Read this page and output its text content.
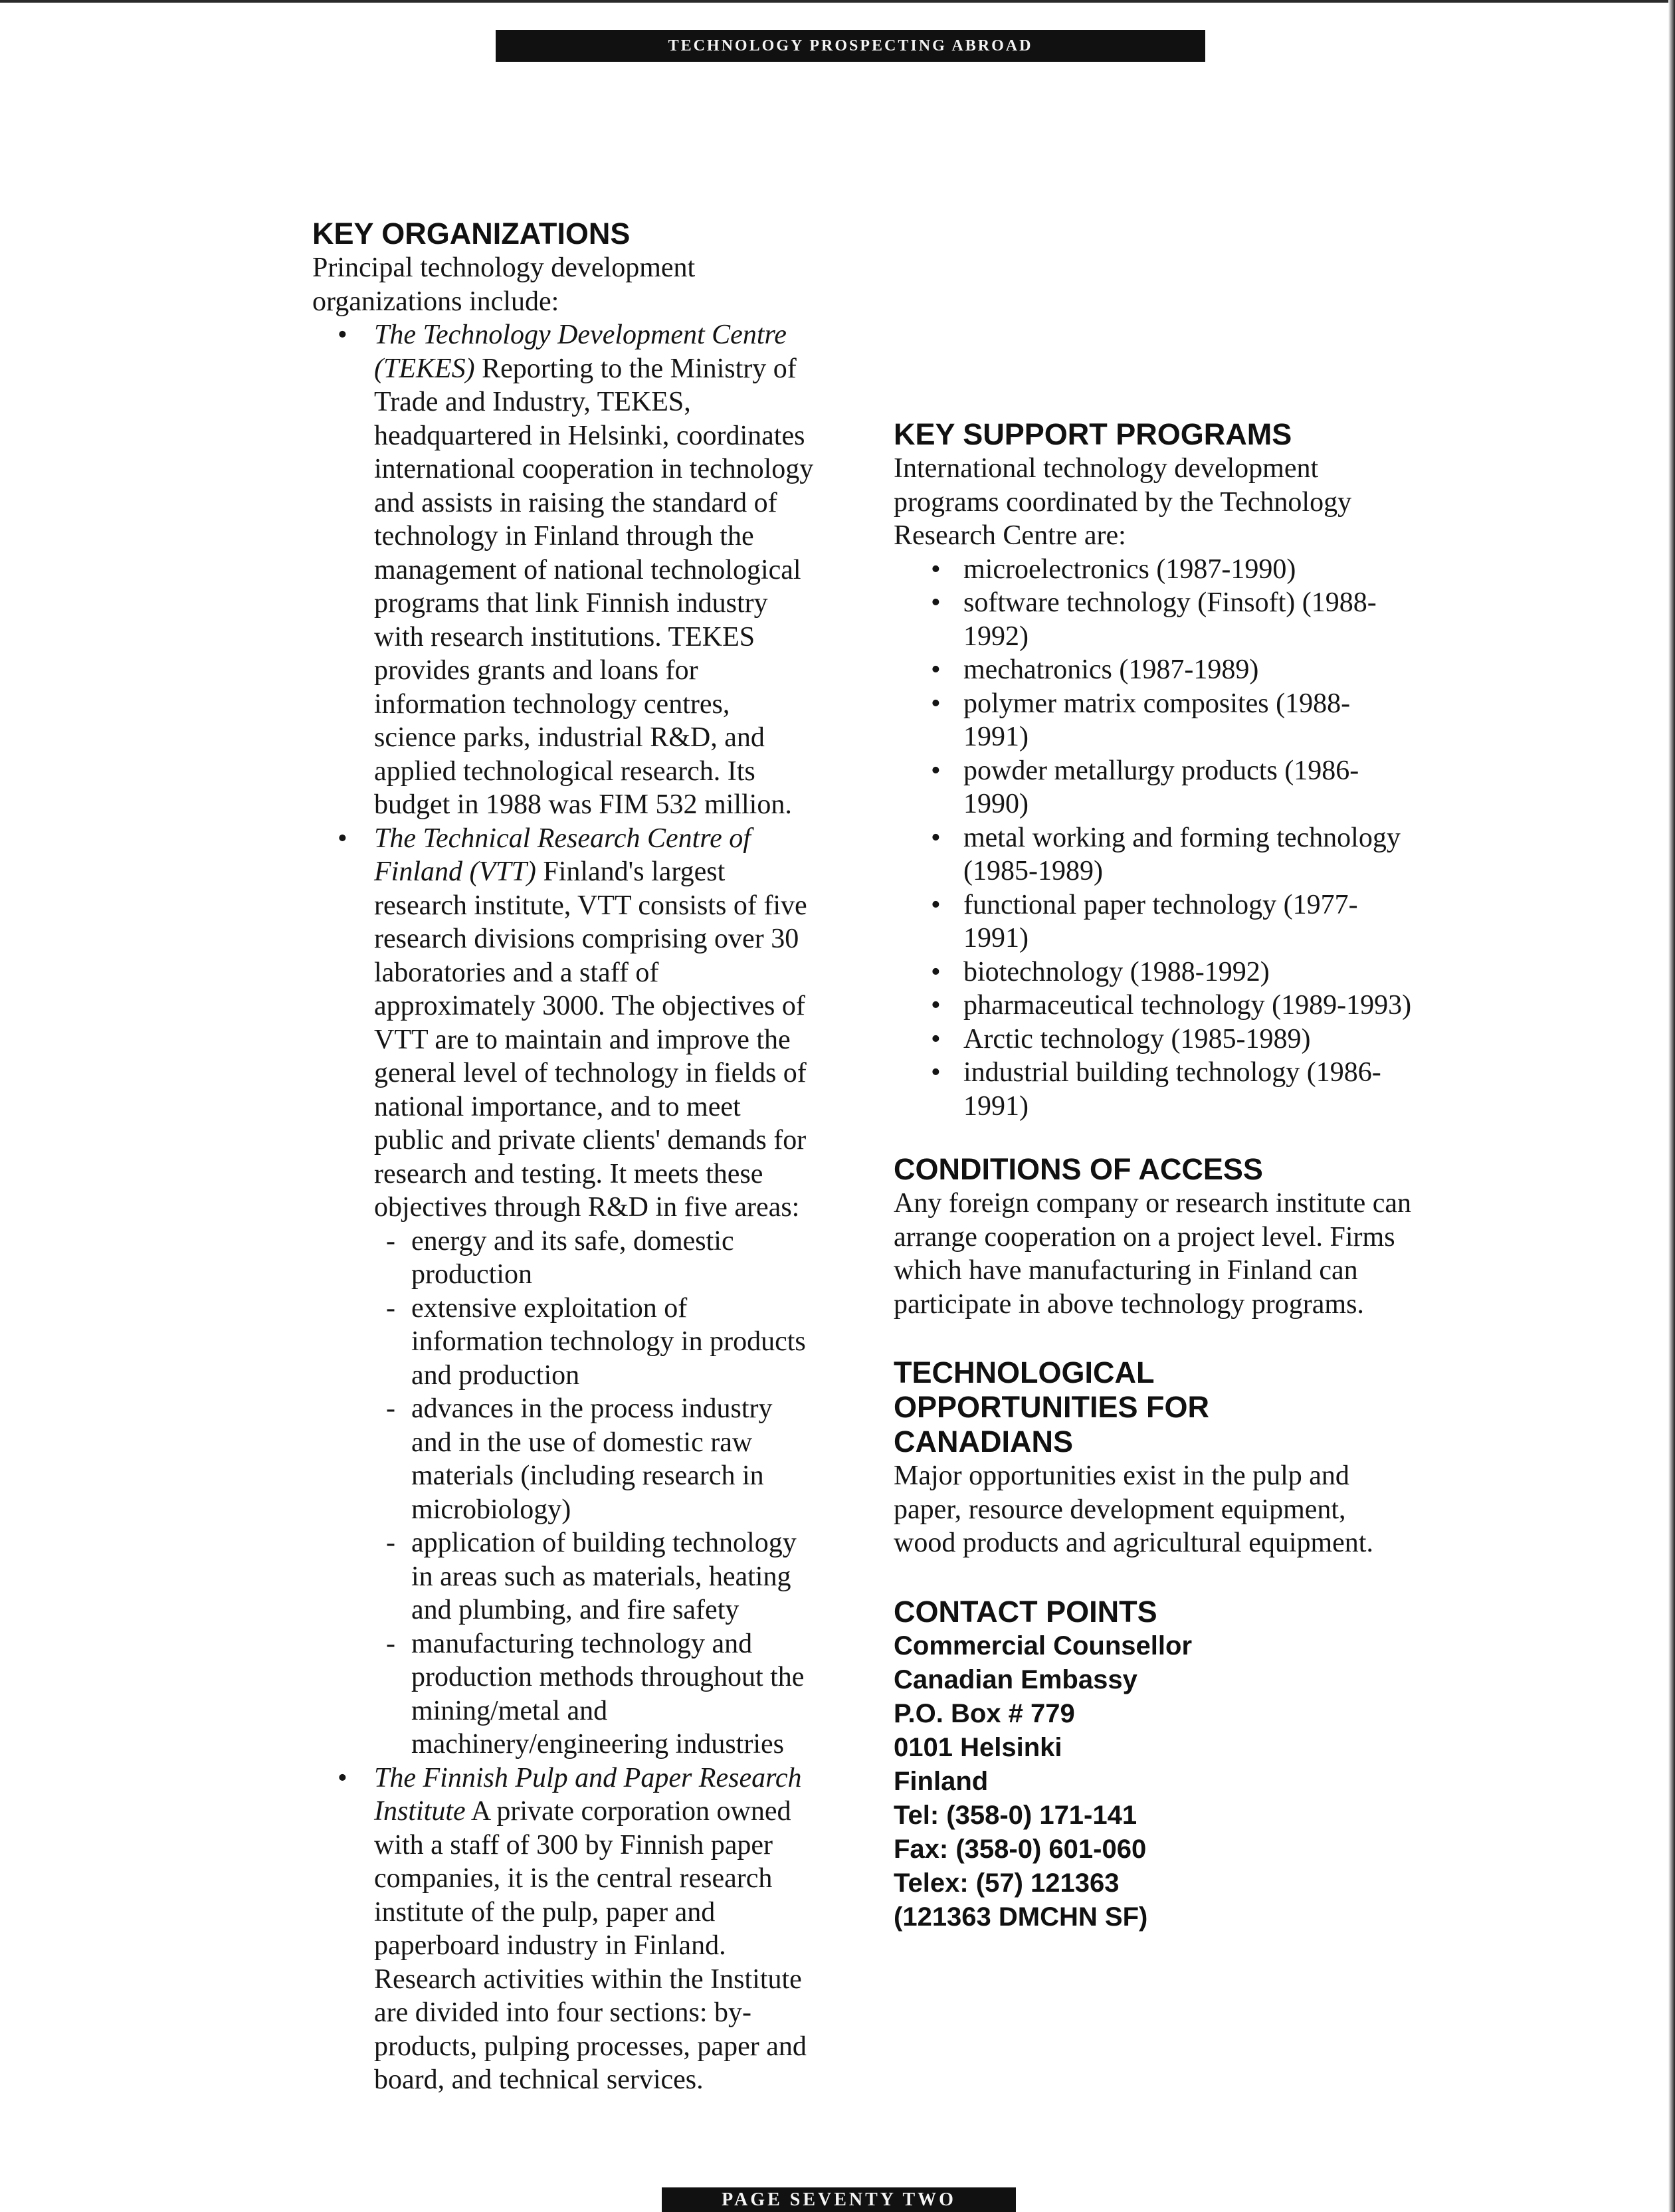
TECHNOLOGY PROSPECTING ABROAD
KEY ORGANIZATIONS

Principal technology development organizations include:

• The Technology Development Centre (TEKES) Reporting to the Ministry of Trade and Industry, TEKES, headquartered in Helsinki, coordinates international cooperation in technology and assists in raising the standard of technology in Finland through the management of national technological programs that link Finnish industry with research institutions. TEKES provides grants and loans for information technology centres, science parks, industrial R&D, and applied technological research. Its budget in 1988 was FIM 532 million.
• The Technical Research Centre of Finland (VTT) Finland's largest research institute, VTT consists of five research divisions comprising over 30 laboratories and a staff of approximately 3000. The objectives of VTT are to maintain and improve the general level of technology in fields of national importance, and to meet public and private clients' demands for research and testing. It meets these objectives through R&D in five areas:
- energy and its safe, domestic production
- extensive exploitation of information technology in products and production
- advances in the process industry and in the use of domestic raw materials (including research in microbiology)
- application of building technology in areas such as materials, heating and plumbing, and fire safety
- manufacturing technology and production methods throughout the mining/metal and machinery/engineering industries
• The Finnish Pulp and Paper Research Institute A private corporation owned with a staff of 300 by Finnish paper companies, it is the central research institute of the pulp, paper and paperboard industry in Finland. Research activities within the Institute are divided into four sections: by-products, pulping processes, paper and board, and technical services.
KEY SUPPORT PROGRAMS

International technology development programs coordinated by the Technology Research Centre are:

• microelectronics (1987-1990)
• software technology (Finsoft) (1988-1992)
• mechatronics (1987-1989)
• polymer matrix composites (1988-1991)
• powder metallurgy products (1986-1990)
• metal working and forming technology (1985-1989)
• functional paper technology (1977-1991)
• biotechnology (1988-1992)
• pharmaceutical technology (1989-1993)
• Arctic technology (1985-1989)
• industrial building technology (1986-1991)
CONDITIONS OF ACCESS

Any foreign company or research institute can arrange cooperation on a project level. Firms which have manufacturing in Finland can participate in above technology programs.

TECHNOLOGICAL
OPPORTUNITIES FOR
CANADIANS

Major opportunities exist in the pulp and paper, resource development equipment, wood products and agricultural equipment.

CONTACT POINTS

Commercial Counsellor

Canadian Embassy

P.O. Box # 779

0101 Helsinki

Finland

Tel: (358-0) 171-141

Fax: (358-0) 601-060

Telex: (57) 121363

(121363 DMCHN SF)

PAGE SEVENTY TWO
